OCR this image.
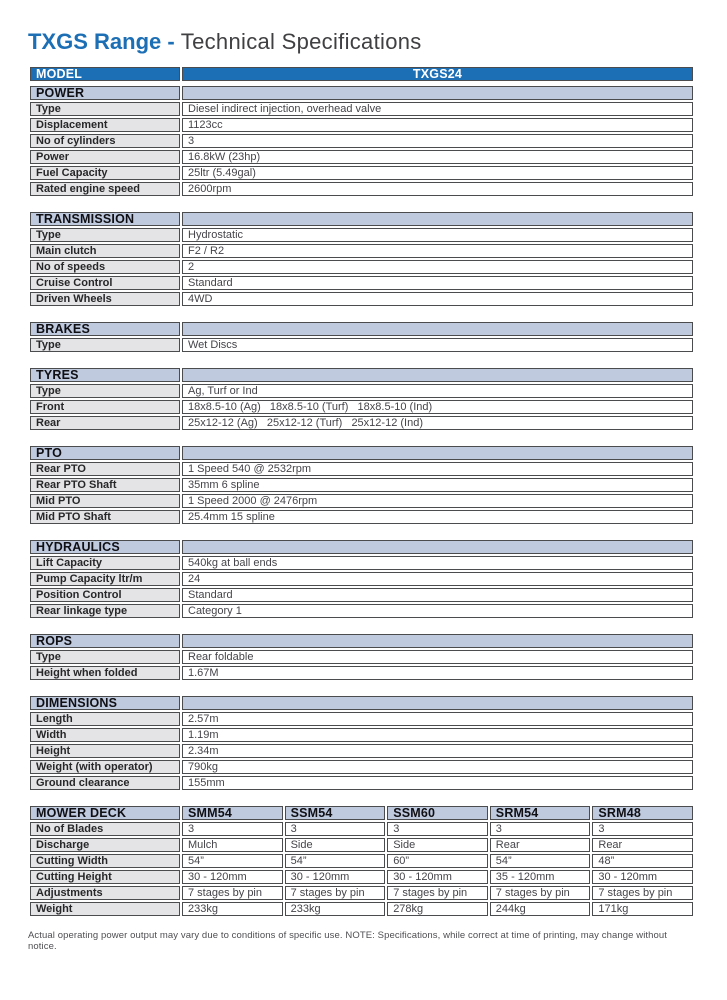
TXGS Range - Technical Specifications
MODEL	TXGS24
POWER	
Type	Diesel indirect injection, overhead valve
Displacement	1123cc
No of cylinders	3
Power	16.8kW (23hp)
Fuel Capacity	25ltr (5.49gal)
Rated engine speed	2600rpm
TRANSMISSION	
Type	Hydrostatic
Main clutch	F2 / R2
No of speeds	2
Cruise Control	Standard
Driven Wheels	4WD
BRAKES	
Type	Wet Discs
TYRES	
Type	Ag, Turf or Ind
Front	18x8.5-10 (Ag)   18x8.5-10 (Turf)   18x8.5-10 (Ind)
Rear	25x12-12 (Ag)   25x12-12 (Turf)   25x12-12 (Ind)
PTO	
Rear PTO	1 Speed 540 @ 2532rpm
Rear PTO Shaft	35mm 6 spline
Mid PTO	1 Speed 2000 @ 2476rpm
Mid PTO Shaft	25.4mm 15 spline
HYDRAULICS	
Lift Capacity	540kg at ball ends
Pump Capacity ltr/m	24
Position Control	Standard
Rear linkage type	Category 1
ROPS	
Type	Rear foldable
Height when folded	1.67M
DIMENSIONS	
Length	2.57m
Width	1.19m
Height	2.34m
Weight (with operator)	790kg
Ground clearance	155mm
MOWER DECK	SMM54	SSM54	SSM60	SRM54	SRM48
No of Blades	3	3	3	3	3
Discharge	Mulch	Side	Side	Rear	Rear
Cutting Width	54”	54”	60”	54”	48”
Cutting Height	30 - 120mm	30 - 120mm	30 - 120mm	35 - 120mm	30 - 120mm
Adjustments	7 stages by pin	7 stages by pin	7 stages by pin	7 stages by pin	7 stages by pin
Weight	233kg	233kg	278kg	244kg	171kg

Actual operating power output may vary due to conditions of specific use. NOTE: Specifications, while correct at time of printing, may change without notice.
